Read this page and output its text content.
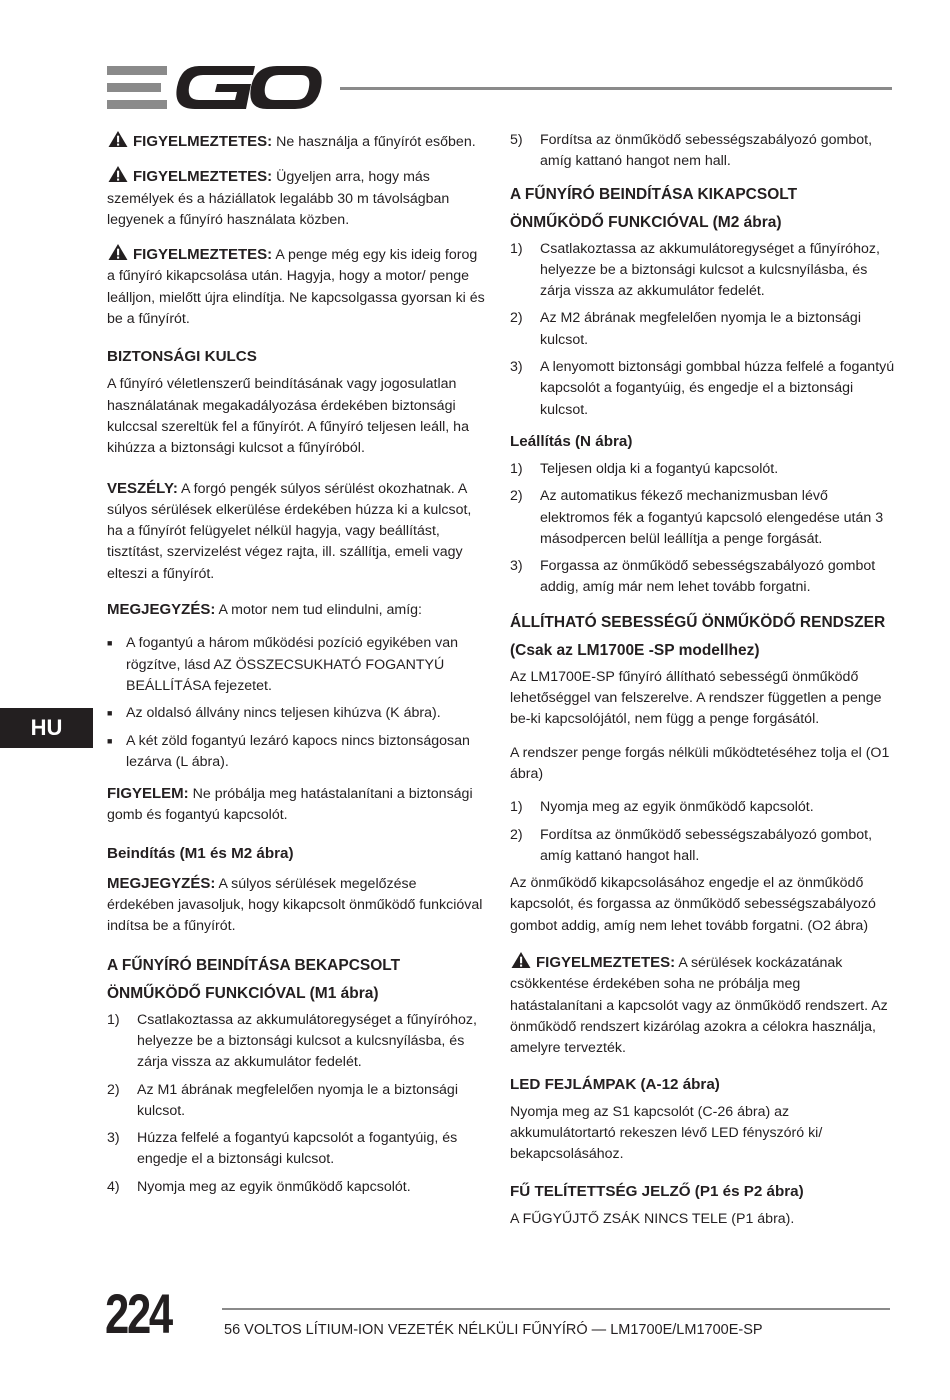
FIGYELMEZTETES: Ne használja a fűnyírót esőben.

FIGYELMEZTETES: Ügyeljen arra, hogy más személyek és a háziállatok legalább 30 m távolságban legyenek a fűnyíró használata közben.

FIGYELMEZTETES: A penge még egy kis ideig forog a fűnyíró kikapcsolása után. Hagyja, hogy a motor/ penge leálljon, mielőtt újra elindítja. Ne kapcsolgassa gyorsan ki és be a fűnyírót.

BIZTONSÁGI KULCS

A fűnyíró véletlenszerű beindításának vagy jogosulatlan használatának megakadályozása érdekében biztonsági kulccsal szereltük fel a fűnyírót. A fűnyíró teljesen leáll, ha kihúzza a biztonsági kulcsot a fűnyíróból.

VESZÉLY: A forgó pengék súlyos sérülést okozhatnak. A súlyos sérülések elkerülése érdekében húzza ki a kulcsot, ha a fűnyírót felügyelet nélkül hagyja, vagy beállítást, tisztítást, szervizelést végez rajta, ill. szállítja, emeli vagy elteszi a fűnyírót.

MEGJEGYZÉS: A motor nem tud elindulni, amíg:

■ A fogantyú a három működési pozíció egyikében van rögzítve, lásd AZ ÖSSZECSUKHATÓ FOGANTYÚ BEÁLLÍTÁSA fejezetet.
■ Az oldalsó állvány nincs teljesen kihúzva (K ábra).
■ A két zöld fogantyú lezáró kapocs nincs biztonságosan lezárva (L ábra).

FIGYELEM: Ne próbálja meg hatástalanítani a biztonsági gomb és fogantyú kapcsolót.

Beindítás (M1 és M2 ábra)

MEGJEGYZÉS: A súlyos sérülések megelőzése érdekében javasoljuk, hogy kikapcsolt önműködő funkcióval indítsa be a fűnyírót.

A FŰNYÍRÓ BEINDÍTÁSA BEKAPCSOLT
ÖNMŰKÖDŐ FUNKCIÓVAL (M1 ábra)
1)	Csatlakoztassa az akkumulátoregységet a fűnyíróhoz, helyezze be a biztonsági kulcsot a kulcsnyílásba, és zárja vissza az akkumulátor fedelét.
2)	Az M1 ábrának megfelelően nyomja le a biztonsági kulcsot.
3)	Húzza felfelé a fogantyú kapcsolót a fogantyúig, és engedje el a biztonsági kulcsot.
4)	Nyomja meg az egyik önműködő kapcsolót.
5)	Fordítsa az önműködő sebességszabályozó gombot, amíg kattanó hangot nem hall.
A FŰNYÍRÓ BEINDÍTÁSA KIKAPCSOLT
ÖNMŰKÖDŐ FUNKCIÓVAL (M2 ábra)
1)	Csatlakoztassa az akkumulátoregységet a fűnyíróhoz, helyezze be a biztonsági kulcsot a kulcsnyílásba, és zárja vissza az akkumulátor fedelét.
2)	Az M2 ábrának megfelelően nyomja le a biztonsági kulcsot.
3)	A lenyomott biztonsági gombbal húzza felfelé a fogantyú kapcsolót a fogantyúig, és engedje el a biztonsági kulcsot.
Leállítás (N ábra)
1)	Teljesen oldja ki a fogantyú kapcsolót.
2)	Az automatikus fékező mechanizmusban lévő elektromos fék a fogantyú kapcsoló elengedése után 3 másodpercen belül leállítja a penge forgását.
3)	Forgassa az önműködő sebességszabályozó gombot addig, amíg már nem lehet tovább forgatni.
ÁLLÍTHATÓ SEBESSÉGŰ ÖNMŰKÖDŐ RENDSZER
(Csak az LM1700E -SP modellhez)

Az LM1700E-SP fűnyíró állítható sebességű önműködő lehetőséggel van felszerelve. A rendszer független a penge be-ki kapcsolójától, nem függ a penge forgásától.

A rendszer penge forgás nélküli működtetéséhez tolja el (O1 ábra)

1)	Nyomja meg az egyik önműködő kapcsolót.
2)	Fordítsa az önműködő sebességszabályozó gombot, amíg kattanó hangot hall.

Az önműködő kikapcsolásához engedje el az önműködő kapcsolót, és forgassa az önműködő sebességszabályozó gombot addig, amíg nem lehet tovább forgatni. (O2 ábra)

FIGYELMEZTETES: A sérülések kockázatának csökkentése érdekében soha ne próbálja meg hatástalanítani a kapcsolót vagy az önműködő rendszert. Az önműködő rendszert kizárólag azokra a célokra használja, amelyre tervezték.

LED FEJLÁMPAK (A-12 ábra)

Nyomja meg az S1 kapcsolót (C-26 ábra) az akkumulátortartó rekeszen lévő LED fényszóró ki/ bekapcsolásához.

FŰ TELÍTETTSÉG JELZŐ (P1 és P2 ábra)

A FŰGYŰJTŐ ZSÁK NINCS TELE (P1 ábra).

HU
224	56 VOLTOS LÍTIUM-ION VEZETÉK NÉLKÜLI FŰNYÍRÓ — LM1700E/LM1700E-SP
